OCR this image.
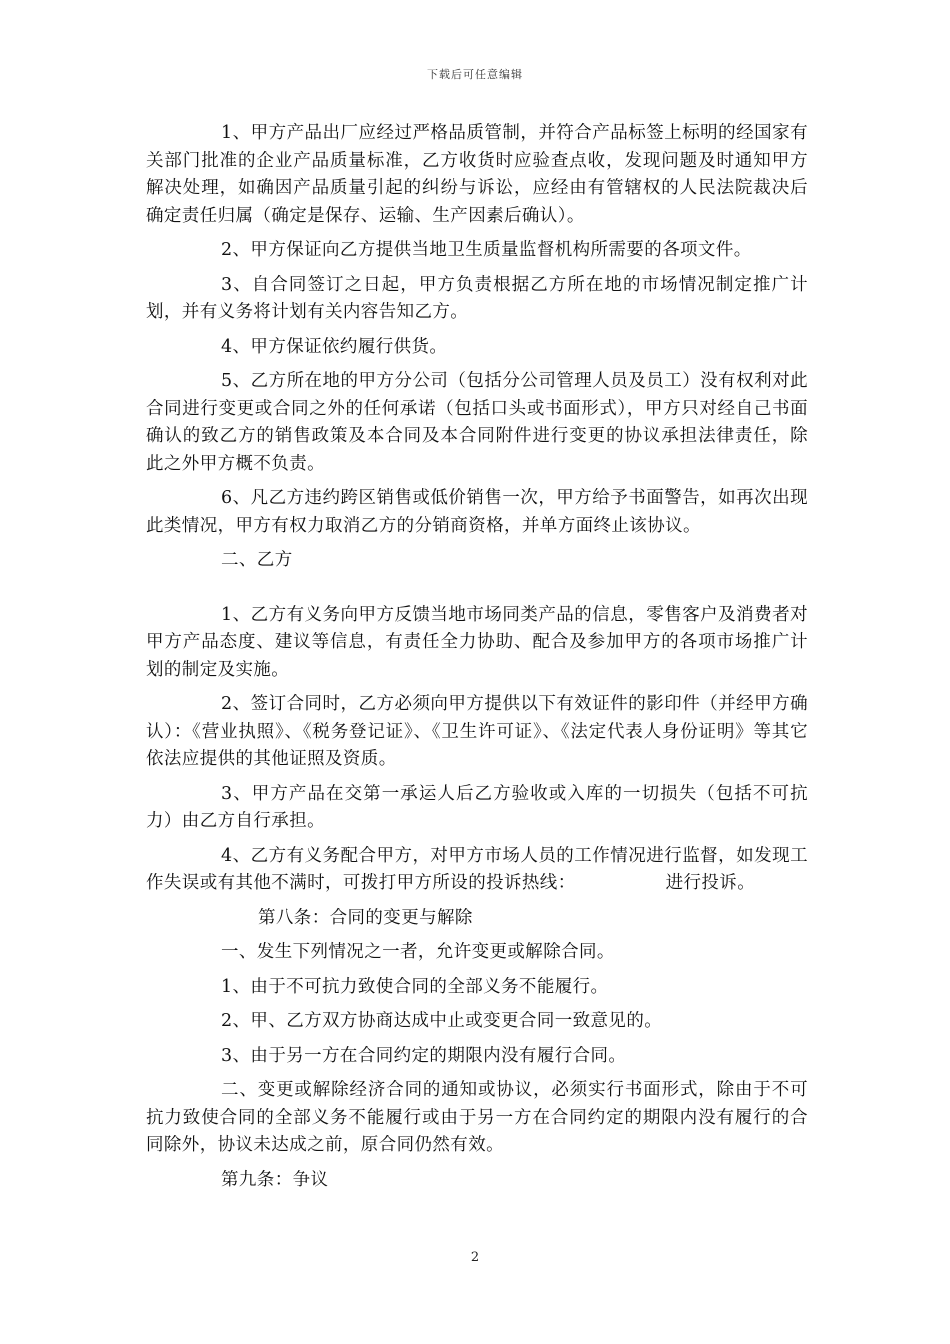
下载后可任意编辑

1、甲方产品出厂应经过严格品质管制，并符合产品标签上标明的经国家有关部门批准的企业产品质量标准，乙方收货时应验查点收，发现问题及时通知甲方解决处理，如确因产品质量引起的纠纷与诉讼，应经由有管辖权的人民法院裁决后确定责任归属（确定是保存、运输、生产因素后确认）。

2、甲方保证向乙方提供当地卫生质量监督机构所需要的各项文件。

3、自合同签订之日起，甲方负责根据乙方所在地的市场情况制定推广计划，并有义务将计划有关内容告知乙方。

4、甲方保证依约履行供货。

5、乙方所在地的甲方分公司（包括分公司管理人员及员工）没有权利对此合同进行变更或合同之外的任何承诺（包括口头或书面形式），甲方只对经自己书面确认的致乙方的销售政策及本合同及本合同附件进行变更的协议承担法律责任，除此之外甲方概不负责。

6、凡乙方违约跨区销售或低价销售一次，甲方给予书面警告，如再次出现此类情况，甲方有权力取消乙方的分销商资格，并单方面终止该协议。

二、乙方

1、乙方有义务向甲方反馈当地市场同类产品的信息，零售客户及消费者对甲方产品态度、建议等信息，有责任全力协助、配合及参加甲方的各项市场推广计划的制定及实施。

2、签订合同时，乙方必须向甲方提供以下有效证件的影印件（并经甲方确认）：《营业执照》、《税务登记证》、《卫生许可证》、《法定代表人身份证明》等其它依法应提供的其他证照及资质。

3、甲方产品在交第一承运人后乙方验收或入库的一切损失（包括不可抗力）由乙方自行承担。

4、乙方有义务配合甲方，对甲方市场人员的工作情况进行监督，如发现工作失误或有其他不满时，可拨打甲方所设的投诉热线：	进行投诉。

第八条：合同的变更与解除

一、发生下列情况之一者，允许变更或解除合同。

1、由于不可抗力致使合同的全部义务不能履行。

2、甲、乙方双方协商达成中止或变更合同一致意见的。

3、由于另一方在合同约定的期限内没有履行合同。

二、变更或解除经济合同的通知或协议，必须实行书面形式，除由于不可抗力致使合同的全部义务不能履行或由于另一方在合同约定的期限内没有履行的合同除外，协议未达成之前，原合同仍然有效。

第九条：争议

2
